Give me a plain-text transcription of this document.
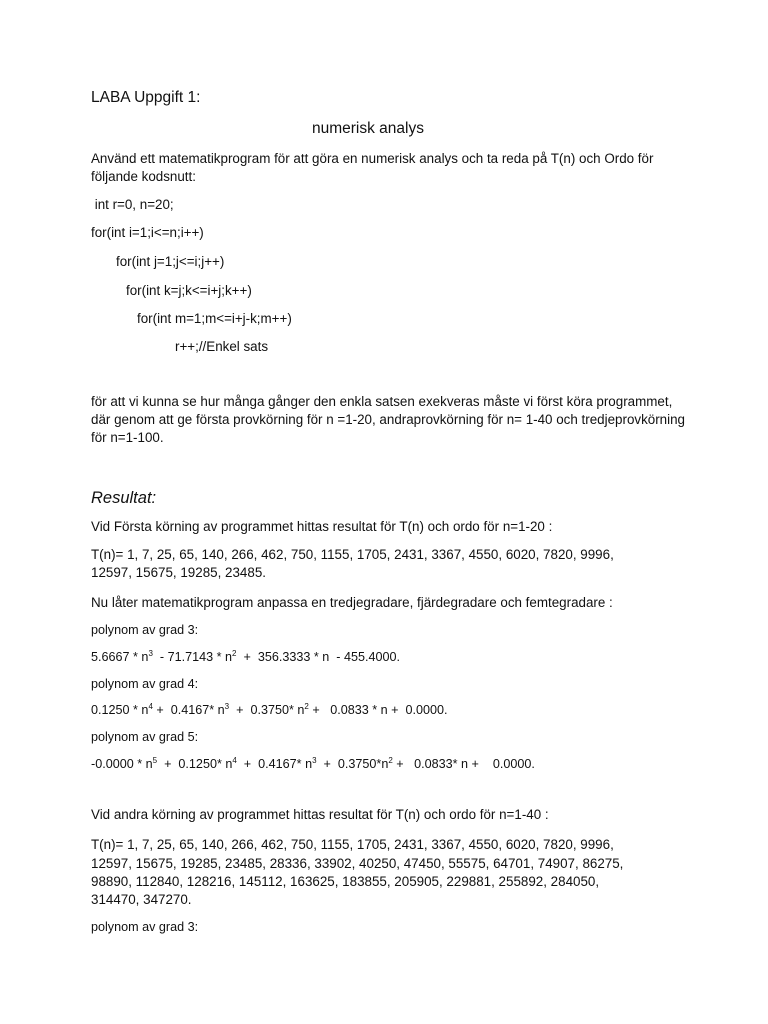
LABA Uppgift 1:

numerisk analys

Använd ett matematikprogram för att göra en numerisk analys och ta reda på T(n) och Ordo för följande kodsnutt:

int r=0, n=20;

for(int i=1;i<=n;i++)

for(int j=1;j<=i;j++)

for(int k=j;k<=i+j;k++)

for(int m=1;m<=i+j-k;m++)

r++;//Enkel sats

för att vi kunna se hur många gånger den enkla satsen exekveras måste vi först köra programmet, där genom att ge första provkörning för n =1-20, andraprovkörning för n= 1-40 och tredjeprovkörning för n=1-100.

Resultat:

Vid Första körning av programmet hittas resultat för T(n) och ordo för n=1-20 :

T(n)= 1, 7, 25, 65, 140, 266, 462, 750, 1155, 1705, 2431, 3367, 4550, 6020, 7820, 9996, 12597, 15675, 19285, 23485.

Nu låter matematikprogram anpassa en tredjegradare, fjärdegradare och femtegradare :

polynom av grad 3:

$5.6667 * n^3 - 71.7143 * n^2 + 356.3333 * n - 455.4000$.

polynom av grad 4:

$0.1250 * n^4 + 0.4167*$ $n^3 + 0.3750*$ $n^2 + 0.0833 * n + 0.0000$.

polynom av grad 5:

$-0.0000 * n^5 + 0.1250*$ $n^4 + 0.4167*$ $n^3 + 0.3750*n^2 + 0.0833*$ n +    0.0000.

Vid andra körning av programmet hittas resultat för T(n) och ordo för n=1-40 :

T(n)= 1, 7, 25, 65, 140, 266, 462, 750, 1155, 1705, 2431, 3367, 4550, 6020, 7820, 9996,

12597, 15675, 19285, 23485, 28336, 33902, 40250, 47450, 55575, 64701, 74907, 86275,

98890, 112840, 128216, 145112, 163625, 183855, 205905, 229881, 255892, 284050,

314470, 347270.

polynom av grad 3:
